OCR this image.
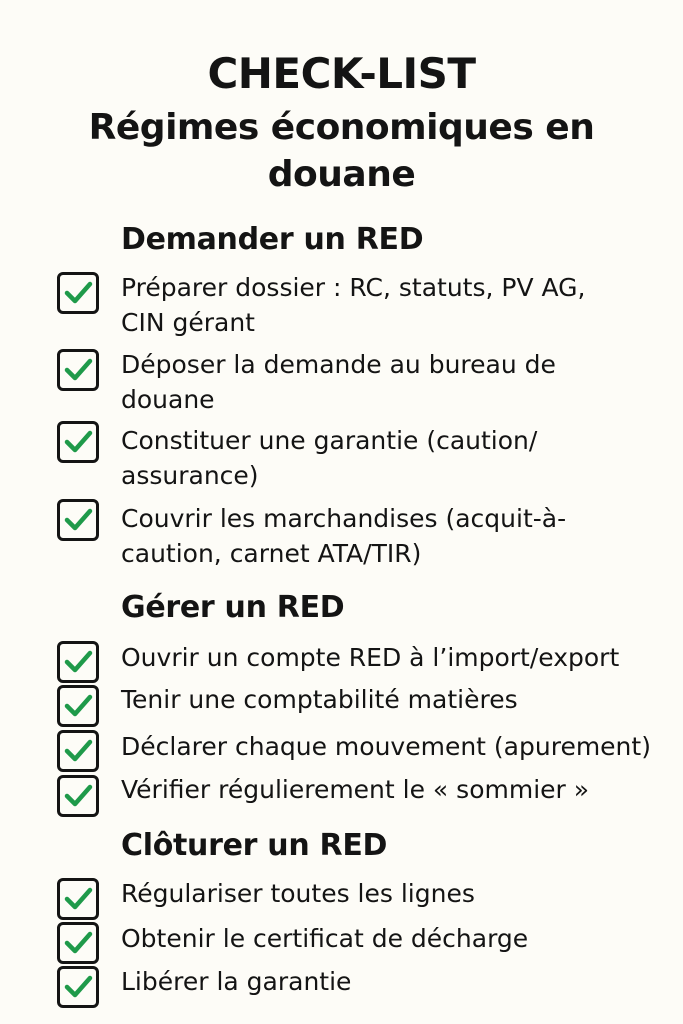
CHECK-LIST
Régimes économiques en
douane
Demander un RED
Préparer dossier : RC, statuts, PV AG,
CIN gérant
Déposer la demande au bureau de
douane
Constituer une garantie (caution/
assurance)
Couvrir les marchandises (acquit-à-
caution, carnet ATA/TIR)
Gérer un RED
Ouvrir un compte RED à l’import/export
Tenir une comptabilité matières
Déclarer chaque mouvement (apurement)
Vérifier régulierement le « sommier »
Clôturer un RED
Régulariser toutes les lignes
Obtenir le certificat de décharge
Libérer la garantie
